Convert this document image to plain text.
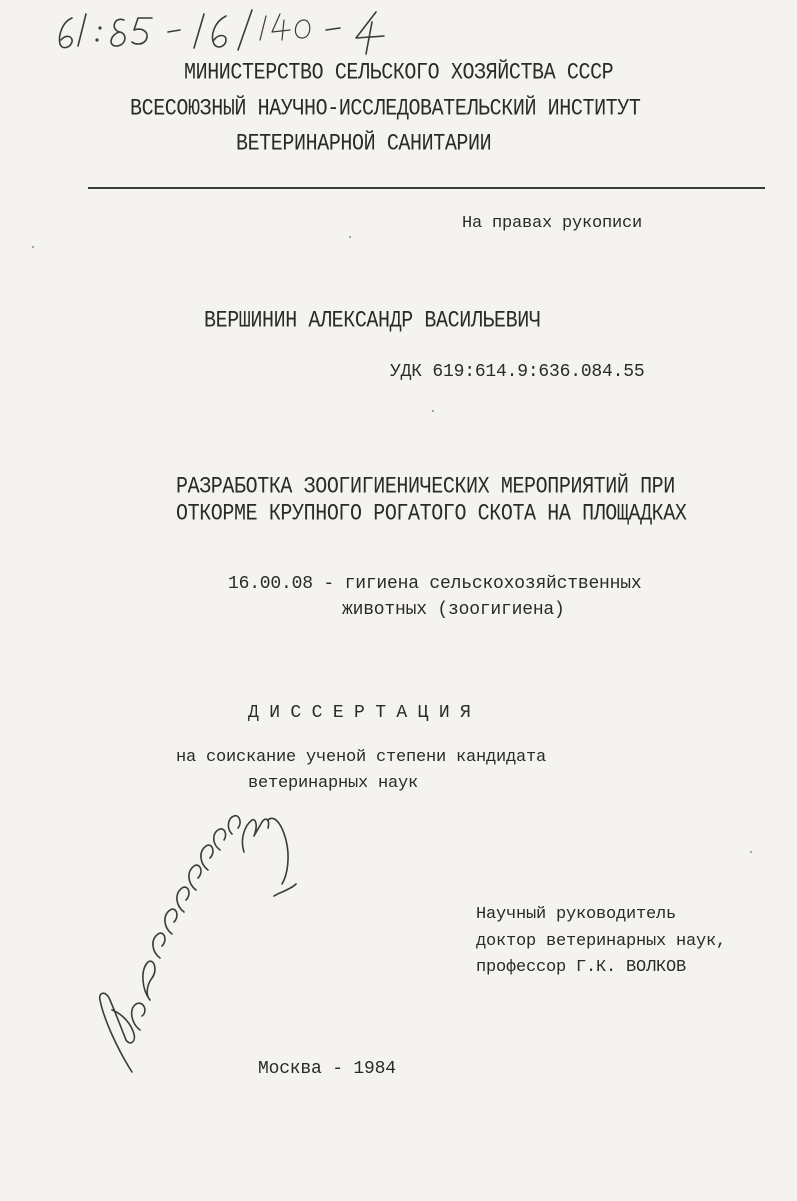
МИНИСТЕРСТВО СЕЛЬСКОГО ХОЗЯЙСТВА СССР

ВСЕСОЮЗНЫЙ НАУЧНО-ИССЛЕДОВАТЕЛЬСКИЙ ИНСТИТУТ

ВЕТЕРИНАРНОЙ САНИТАРИИ

На правах рукописи

ВЕРШИНИН АЛЕКСАНДР ВАСИЛЬЕВИЧ

УДК 619:614.9:636.084.55

РАЗРАБОТКА ЗООГИГИЕНИЧЕСКИХ МЕРОПРИЯТИЙ ПРИ

ОТКОРМЕ КРУПНОГО РОГАТОГО СКОТА НА ПЛОЩАДКАХ

16.00.08 - гигиена сельскохозяйственных

животных (зоогигиена)

Д И С С Е Р Т А Ц И Я

на соискание ученой степени кандидата

ветеринарных наук

Научный руководитель

доктор ветеринарных наук,

профессор Г.К. ВОЛКОВ

Москва - 1984
